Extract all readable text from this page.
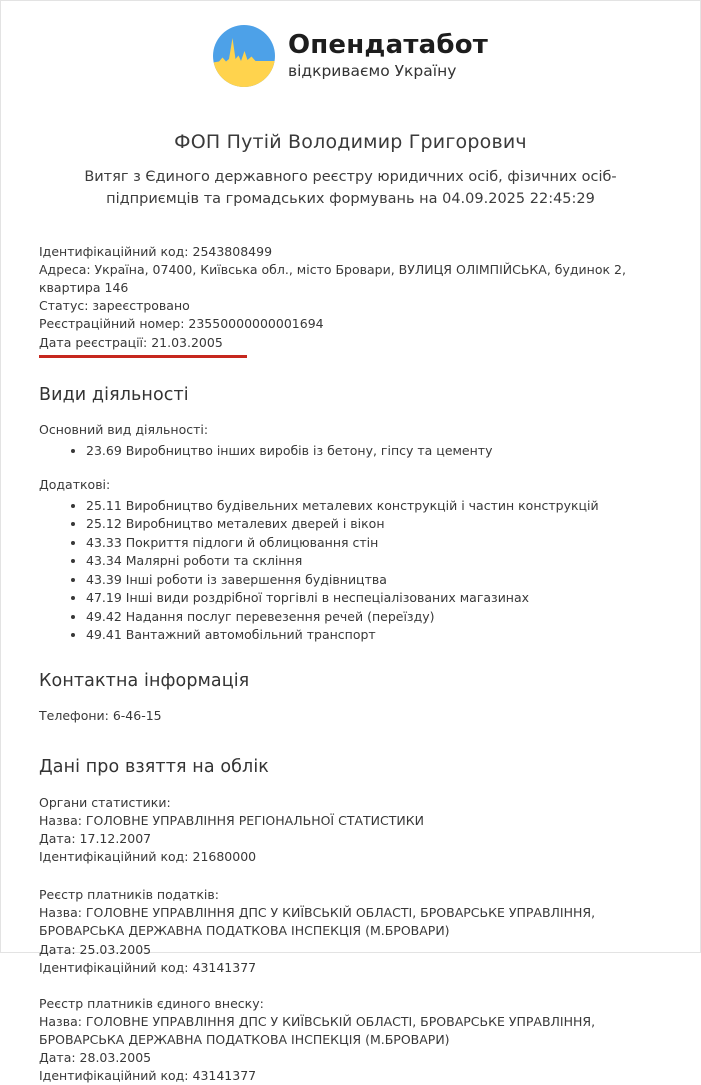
Опендатабот
відкриваємо Україну
ФОП Путій Володимир Григорович

Витяг з Єдиного державного реєстру юридичних осіб, фізичних осіб-підприємців та громадських формувань на 04.09.2025 22:45:29

Ідентифікаційний код: 2543808499

Адреса: Україна, 07400, Київська обл., місто Бровари, ВУЛИЦЯ ОЛІМПІЙСЬКА, будинок 2, квартира 146

Статус: зареєстровано

Реєстраційний номер: 23550000000001694

Дата реєстрації: 21.03.2005

Види діяльності

Основний вид діяльності:

• 23.69 Виробництво інших виробів із бетону, гіпсу та цементу

Додаткові:

• 25.11 Виробництво будівельних металевих конструкцій і частин конструкцій
• 25.12 Виробництво металевих дверей і вікон
• 43.33 Покриття підлоги й облицювання стін
• 43.34 Малярні роботи та скління
• 43.39 Інші роботи із завершення будівництва
• 47.19 Інші види роздрібної торгівлі в неспеціалізованих магазинах
• 49.42 Надання послуг перевезення речей (переїзду)
• 49.41 Вантажний автомобільний транспорт
Контактна інформація

Телефони: 6-46-15

Дані про взяття на облік

Органи статистики:

Назва: ГОЛОВНЕ УПРАВЛІННЯ РЕГІОНАЛЬНОЇ СТАТИСТИКИ

Дата: 17.12.2007

Ідентифікаційний код: 21680000

Реєстр платників податків:

Назва: ГОЛОВНЕ УПРАВЛІННЯ ДПС У КИЇВСЬКІЙ ОБЛАСТІ, БРОВАРСЬКЕ УПРАВЛІННЯ, БРОВАРСЬКА ДЕРЖАВНА ПОДАТКОВА ІНСПЕКЦІЯ (М.БРОВАРИ)

Дата: 25.03.2005

Ідентифікаційний код: 43141377

Реєстр платників єдиного внеску:

Назва: ГОЛОВНЕ УПРАВЛІННЯ ДПС У КИЇВСЬКІЙ ОБЛАСТІ, БРОВАРСЬКЕ УПРАВЛІННЯ, БРОВАРСЬКА ДЕРЖАВНА ПОДАТКОВА ІНСПЕКЦІЯ (М.БРОВАРИ)

Дата: 28.03.2005

Ідентифікаційний код: 43141377
